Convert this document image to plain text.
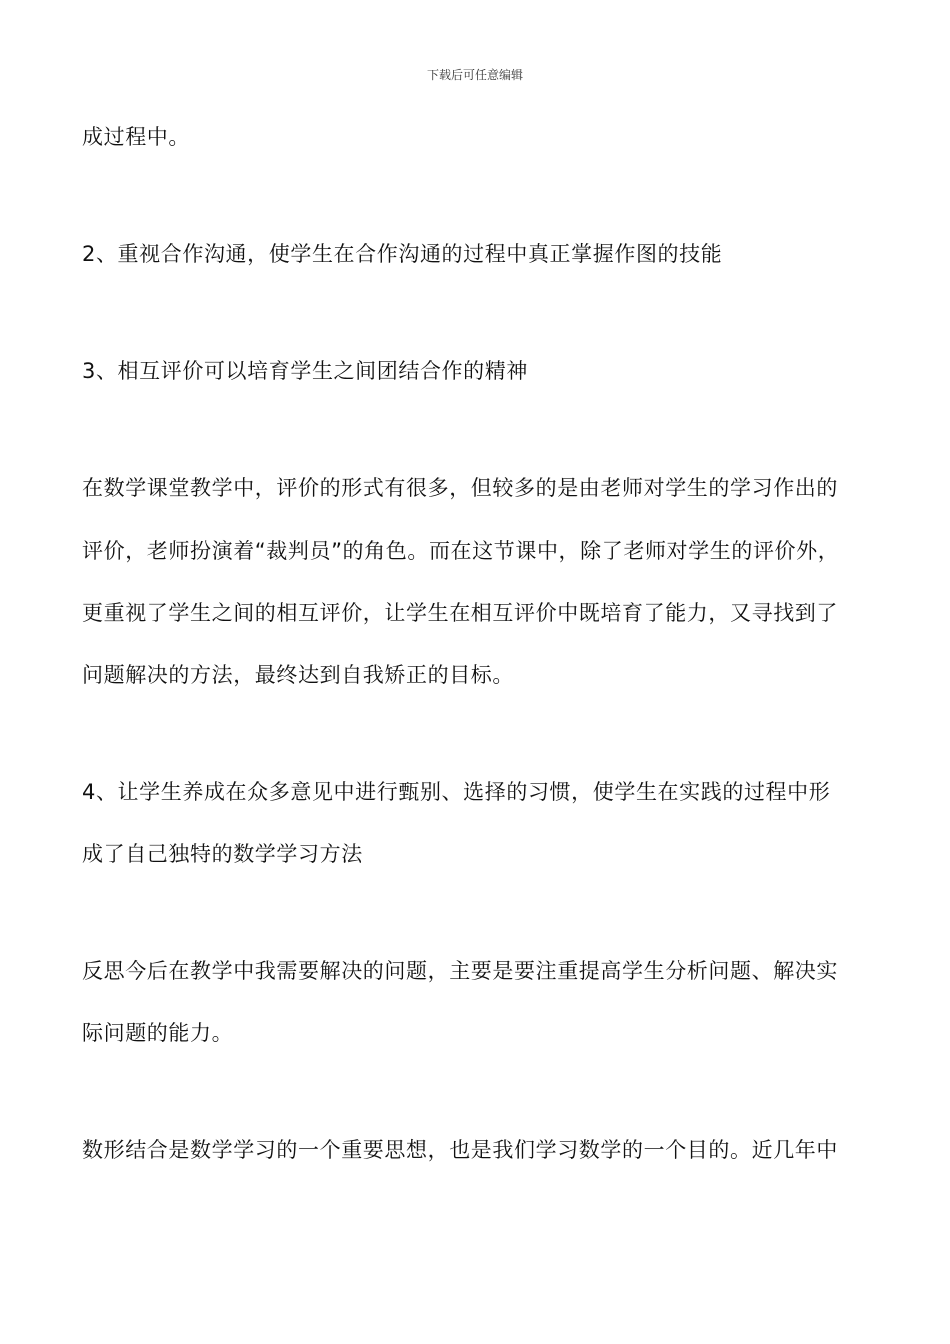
下载后可任意编辑
成过程中。
2、重视合作沟通，使学生在合作沟通的过程中真正掌握作图的技能
3、相互评价可以培育学生之间团结合作的精神
在数学课堂教学中，评价的形式有很多，但较多的是由老师对学生的学习作出的
评价，老师扮演着“裁判员”的角色。而在这节课中，除了老师对学生的评价外，
更重视了学生之间的相互评价，让学生在相互评价中既培育了能力，又寻找到了
问题解决的方法，最终达到自我矫正的目标。
4、让学生养成在众多意见中进行甄别、选择的习惯，使学生在实践的过程中形
成了自己独特的数学学习方法
反思今后在教学中我需要解决的问题，主要是要注重提高学生分析问题、解决实
际问题的能力。
数形结合是数学学习的一个重要思想，也是我们学习数学的一个目的。近几年中
